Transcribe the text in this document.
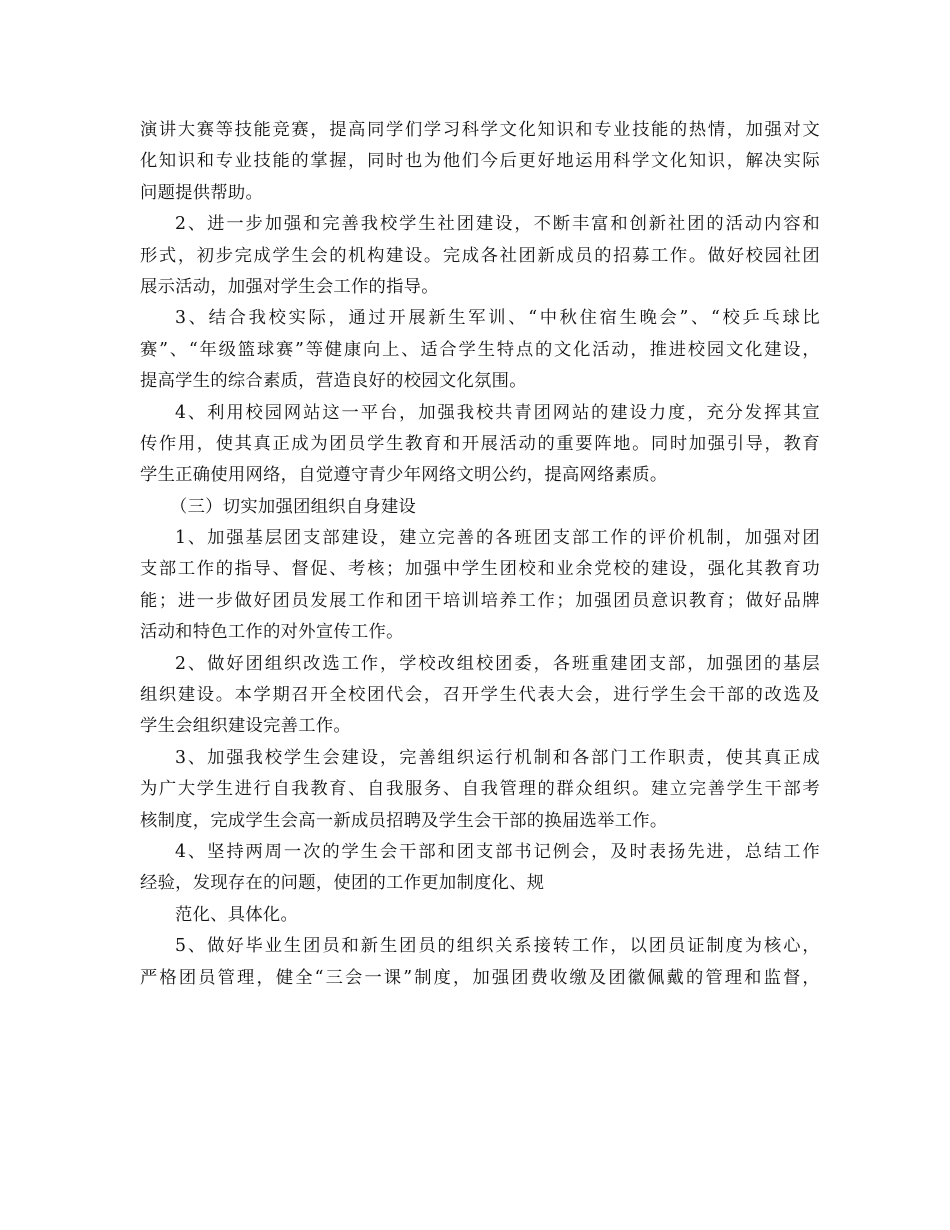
演讲大赛等技能竞赛，提高同学们学习科学文化知识和专业技能的热情，加强对文
化知识和专业技能的掌握，同时也为他们今后更好地运用科学文化知识，解决实际
问题提供帮助。
2、进一步加强和完善我校学生社团建设，不断丰富和创新社团的活动内容和
形式，初步完成学生会的机构建设。完成各社团新成员的招募工作。做好校园社团
展示活动，加强对学生会工作的指导。
3、结合我校实际，通过开展新生军训、“中秋住宿生晚会”、“校乒乓球比
赛”、“年级篮球赛”等健康向上、适合学生特点的文化活动，推进校园文化建设，
提高学生的综合素质，营造良好的校园文化氛围。
4、利用校园网站这一平台，加强我校共青团网站的建设力度，充分发挥其宣
传作用，使其真正成为团员学生教育和开展活动的重要阵地。同时加强引导，教育
学生正确使用网络，自觉遵守青少年网络文明公约，提高网络素质。
（三）切实加强团组织自身建设
1、加强基层团支部建设，建立完善的各班团支部工作的评价机制，加强对团
支部工作的指导、督促、考核；加强中学生团校和业余党校的建设，强化其教育功
能；进一步做好团员发展工作和团干培训培养工作；加强团员意识教育；做好品牌
活动和特色工作的对外宣传工作。
2、做好团组织改选工作，学校改组校团委，各班重建团支部，加强团的基层
组织建设。本学期召开全校团代会，召开学生代表大会，进行学生会干部的改选及
学生会组织建设完善工作。
3、加强我校学生会建设，完善组织运行机制和各部门工作职责，使其真正成
为广大学生进行自我教育、自我服务、自我管理的群众组织。建立完善学生干部考
核制度，完成学生会高一新成员招聘及学生会干部的换届选举工作。
4、坚持两周一次的学生会干部和团支部书记例会，及时表扬先进，总结工作
经验，发现存在的问题，使团的工作更加制度化、规
范化、具体化。
5、做好毕业生团员和新生团员的组织关系接转工作，以团员证制度为核心，
严格团员管理，健全“三会一课”制度，加强团费收缴及团徽佩戴的管理和监督，
